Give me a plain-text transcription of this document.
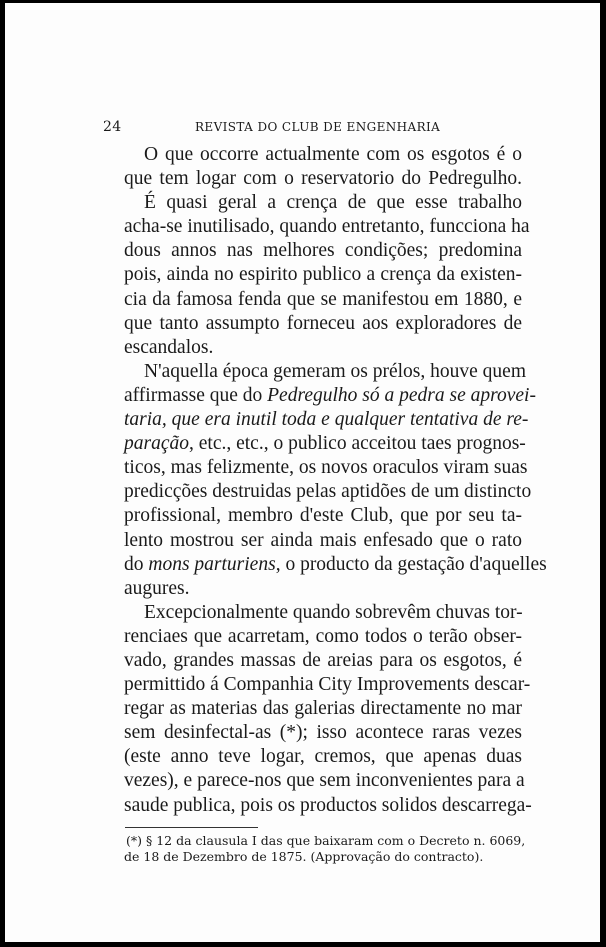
24	REVISTA DO CLUB DE ENGENHARIA
O que occorre actualmente com os esgotos é o
que tem logar com o reservatorio do Pedregulho.
É quasi geral a crença de que esse trabalho
acha-se inutilisado, quando entretanto, funcciona ha
dous annos nas melhores condições; predomina
pois, ainda no espirito publico a crença da existen-
cia da famosa fenda que se manifestou em 1880, e
que tanto assumpto forneceu aos exploradores de
escandalos.
N'aquella época gemeram os prélos, houve quem
affirmasse que do Pedregulho só a pedra se aprovei-
taria, que era inutil toda e qualquer tentativa de re-
paração, etc., etc., o publico acceitou taes prognos-
ticos, mas felizmente, os novos oraculos viram suas
predicções destruidas pelas aptidões de um distincto
profissional, membro d'este Club, que por seu ta-
lento mostrou ser ainda mais enfesado que o rato
do mons parturiens, o producto da gestação d'aquelles
augures.
Excepcionalmente quando sobrevêm chuvas tor-
renciaes que acarretam, como todos o terão obser-
vado, grandes massas de areias para os esgotos, é
permittido á Companhia City Improvements descar-
regar as materias das galerias directamente no mar
sem desinfectal-as (*); isso acontece raras vezes
(este anno teve logar, cremos, que apenas duas
vezes), e parece-nos que sem inconvenientes para a
saude publica, pois os productos solidos descarrega-
(*) § 12 da clausula I das que baixaram com o Decreto n. 6069,
de 18 de Dezembro de 1875. (Approvação do contracto).
